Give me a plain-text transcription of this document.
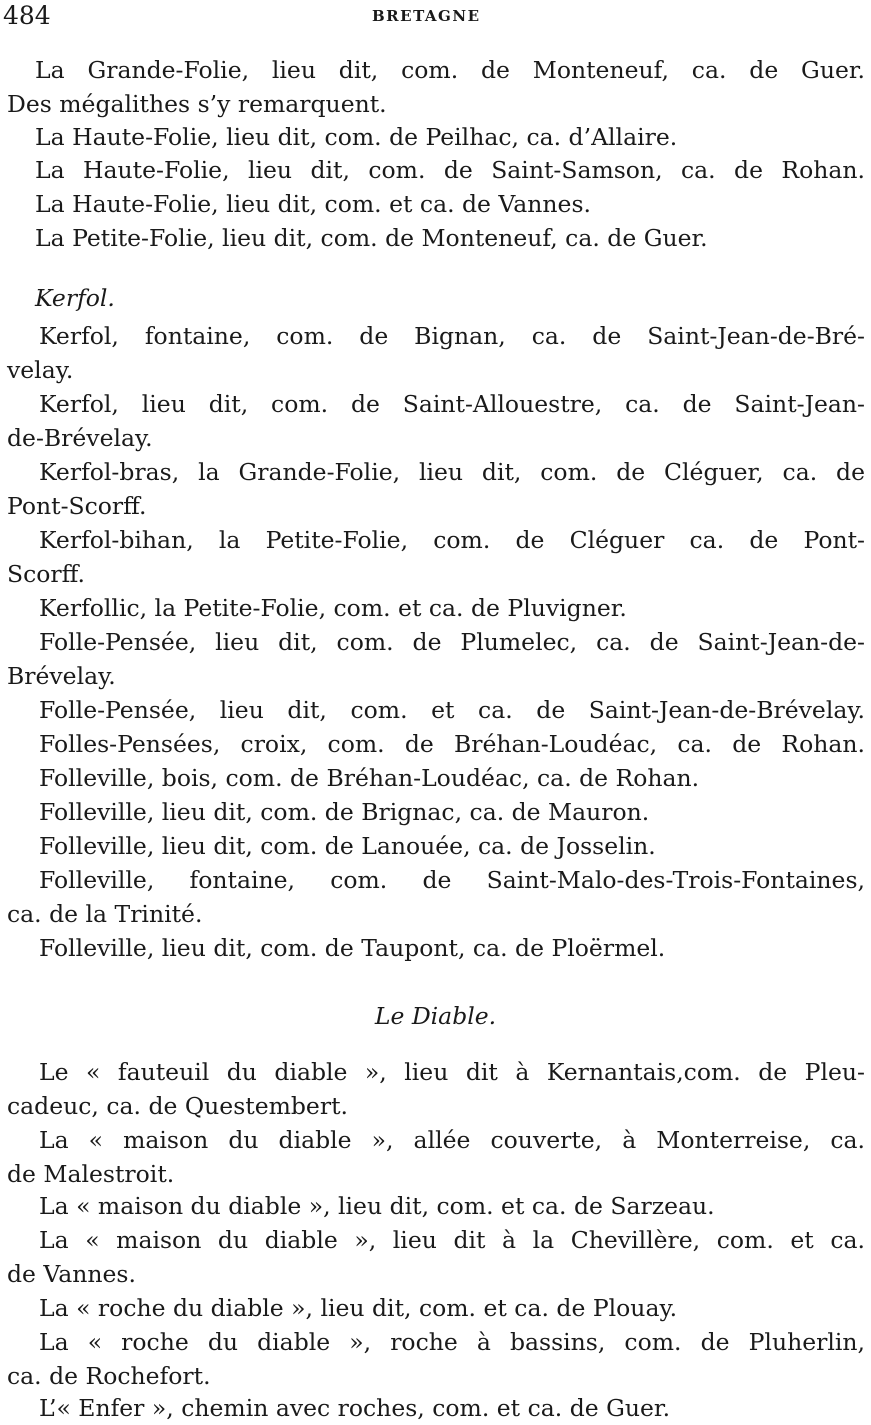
484	BRETAGNE
La Grande-Folie, lieu dit, com. de Monteneuf, ca. de Guer.
Des mégalithes s’y remarquent.
La Haute-Folie, lieu dit, com. de Peilhac, ca. d’Allaire.
La Haute-Folie, lieu dit, com. de Saint-Samson, ca. de Rohan.
La Haute-Folie, lieu dit, com. et ca. de Vannes.
La Petite-Folie, lieu dit, com. de Monteneuf, ca. de Guer.
Kerfol.
Kerfol, fontaine, com. de Bignan, ca. de Saint-Jean-de-Bré-
velay.
Kerfol, lieu dit, com. de Saint-Allouestre, ca. de Saint-Jean-
de-Brévelay.
Kerfol-bras, la Grande-Folie, lieu dit, com. de Cléguer, ca. de
Pont-Scorff.
Kerfol-bihan, la Petite-Folie, com. de Cléguer ca. de Pont-
Scorff.
Kerfollic, la Petite-Folie, com. et ca. de Pluvigner.
Folle-Pensée, lieu dit, com. de Plumelec, ca. de Saint-Jean-de-
Brévelay.
Folle-Pensée, lieu dit, com. et ca. de Saint-Jean-de-Brévelay.
Folles-Pensées, croix, com. de Bréhan-Loudéac, ca. de Rohan.
Folleville, bois, com. de Bréhan-Loudéac, ca. de Rohan.
Folleville, lieu dit, com. de Brignac, ca. de Mauron.
Folleville, lieu dit, com. de Lanouée, ca. de Josselin.
Folleville, fontaine, com. de Saint-Malo-des-Trois-Fontaines,
ca. de la Trinité.
Folleville, lieu dit, com. de Taupont, ca. de Ploërmel.
Le Diable.
Le « fauteuil du diable », lieu dit à Kernantais,com. de Pleu-
cadeuc, ca. de Questembert.
La « maison du diable », allée couverte, à Monterreise, ca.
de Malestroit.
La « maison du diable », lieu dit, com. et ca. de Sarzeau.
La « maison du diable », lieu dit à la Chevillère, com. et ca.
de Vannes.
La « roche du diable », lieu dit, com. et ca. de Plouay.
La « roche du diable », roche à bassins, com. de Pluherlin,
ca. de Rochefort.
L’« Enfer », chemin avec roches, com. et ca. de Guer.
